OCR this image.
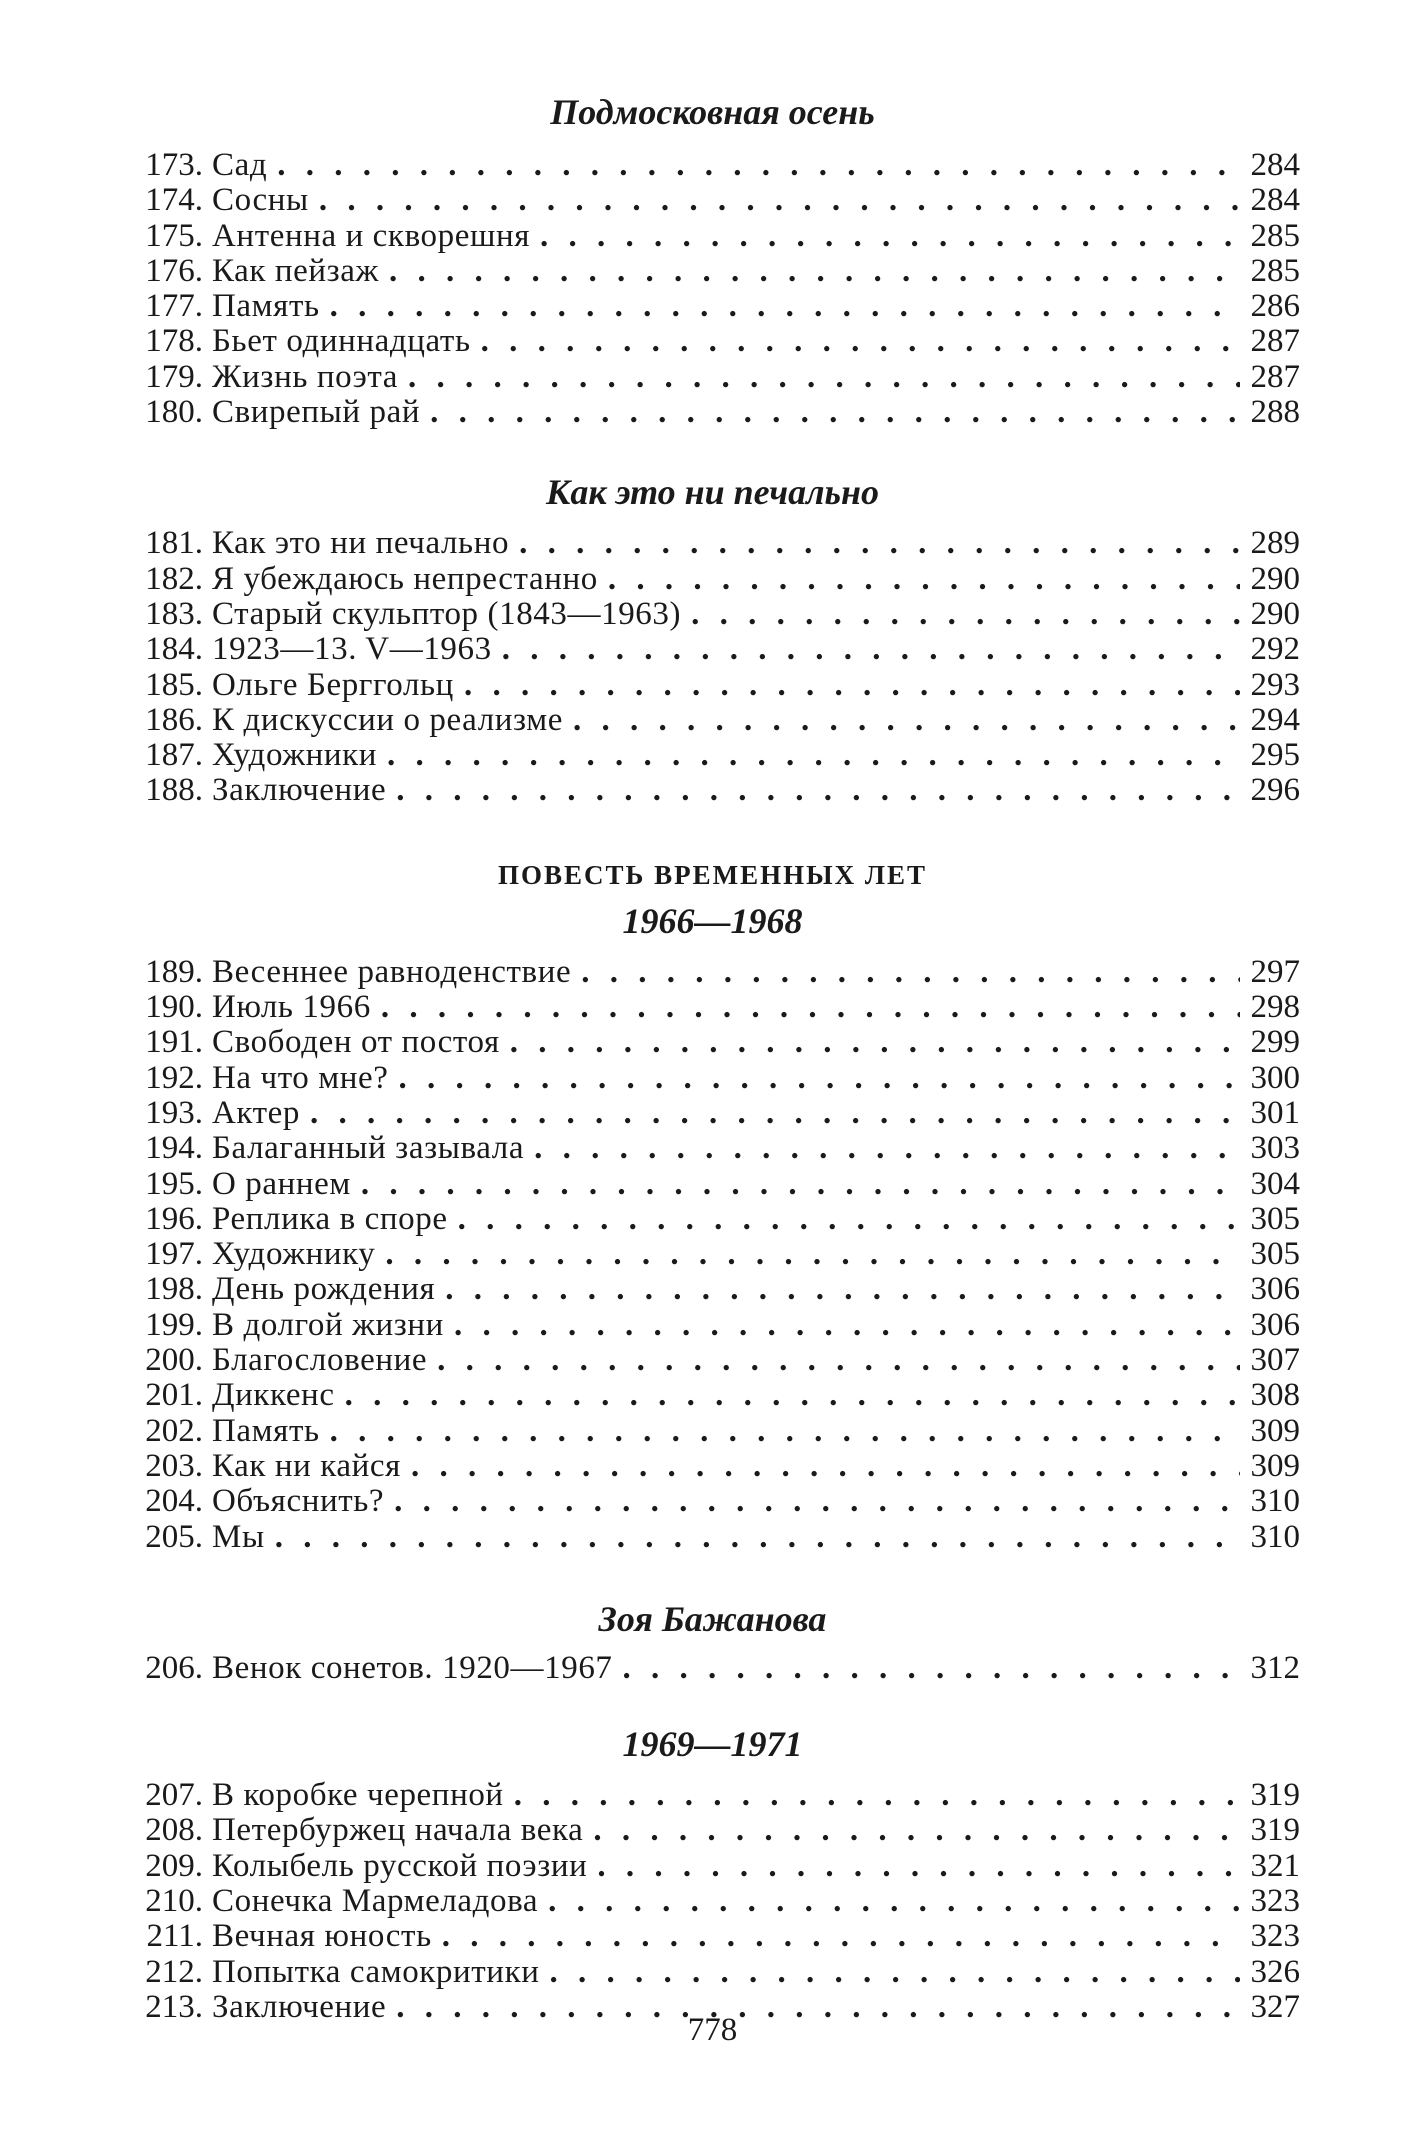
Подмосковная осень
173. Сад . . .	284
174. Сосны . . .	284
175. Антенна и скворешня . . .	285
176. Как пейзаж . . .	285
177. Память . . .	286
178. Бьет одиннадцать . . .	287
179. Жизнь поэта . . .	287
180. Свирепый рай . . .	288
Как это ни печально
181. Как это ни печально . . .	289
182. Я убеждаюсь непрестанно . . .	290
183. Старый скульптор (1843—1963) . . .	290
184. 1923—13. V—1963 . . .	292
185. Ольге Берггольц . . .	293
186. К дискуссии о реализме . . .	294
187. Художники . . .	295
188. Заключение . . .	296
ПОВЕСТЬ ВРЕМЕННЫХ ЛЕТ
1966—1968
189. Весеннее равноденствие . . .	297
190. Июль 1966 . . .	298
191. Свободен от постоя . . .	299
192. На что мне? . . .	300
193. Актер . . .	301
194. Балаганный зазывала . . .	303
195. О раннем . . .	304
196. Реплика в споре . . .	305
197. Художнику . . .	305
198. День рождения . . .	306
199. В долгой жизни . . .	306
200. Благословение . . .	307
201. Диккенс . . .	308
202. Память . . .	309
203. Как ни кайся . . .	309
204. Объяснить? . . .	310
205. Мы . . .	310
Зоя Бажанова
206. Венок сонетов. 1920—1967 . . .	312
1969—1971
207. В коробке черепной . . .	319
208. Петербуржец начала века . . .	319
209. Колыбель русской поэзии . . .	321
210. Сонечка Мармеладова . . .	323
211. Вечная юность . . .	323
212. Попытка самокритики . . .	326
213. Заключение . . .	327
778
